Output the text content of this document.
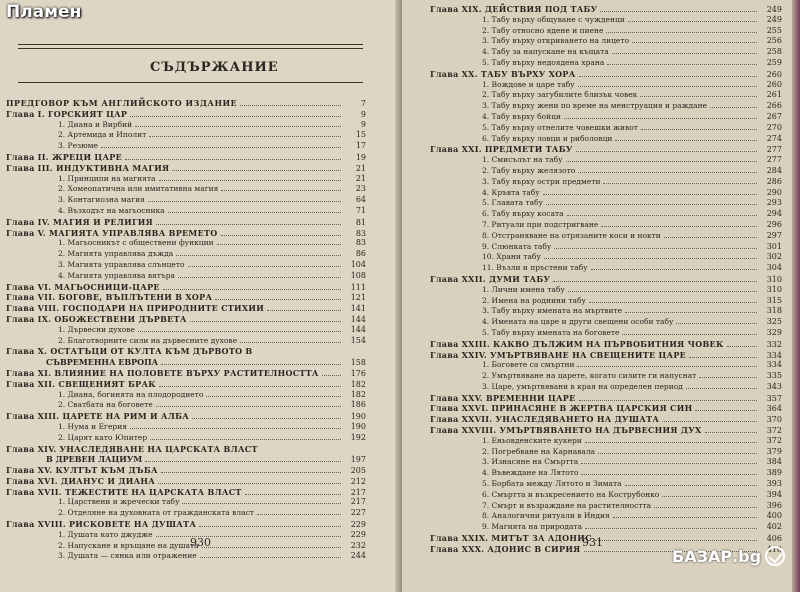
Пламен
СЪДЪРЖАНИЕ
ПРЕДГОВОР КЪМ АНГЛИЙСКОТО ИЗДАНИЕ	7
Глава I. ГОРСКИЯТ ЦАР	9
1. Диана и Вирбий	9
2. Артемида и Иполит	15
3. Резюме	17
Глава II. ЖРЕЦИ ЦАРЕ	19
Глава III. ИНДУКТИВНА МАГИЯ	21
1. Принципи на магията	21
2. Хомеопатична или имитативна магия	23
3. Контагиозна магия	64
4. Възходът на магьосника	71
Глава IV. МАГИЯ И РЕЛИГИЯ	81
Глава V. МАГИЯТА УПРАВЛЯВА ВРЕМЕТО	83
1. Магьосникът с обществени функции	83
2. Магията управлява дъжда	86
3. Магията управлява слънцето	104
4. Магията управлява вятъра	108
Глава VI. МАГЬОСНИЦИ-ЦАРЕ	111
Глава VII. БОГОВЕ, ВЪПЛЪТЕНИ В ХОРА	121
Глава VIII. ГОСПОДАРИ НА ПРИРОДНИТЕ СТИХИИ	141
Глава IX. ОБОЖЕСТВЕНИ ДЪРВЕТА	144
1. Дървесни духове	144
2. Благотворните сили на дървесните духове	154
Глава X. ОСТАТЪЦИ ОТ КУЛТА КЪМ ДЪРВОТО В
СЪВРЕМЕННА ЕВРОПА	158
Глава XI. ВЛИЯНИЕ НА ПОЛОВЕТЕ ВЪРХУ РАСТИТЕЛНОСТТА	176
Глава XII. СВЕЩЕНИЯТ БРАК	182
1. Диана, богинята на плодородието	182
2. Сватбата на боговете	186
Глава XIII. ЦАРЕТЕ НА РИМ И АЛБА	190
1. Нума и Егерия	190
2. Царят като Юпитер	192
Глава XIV. УНАСЛЕДЯВАНЕ НА ЦАРСКАТА ВЛАСТ
В ДРЕВЕН ЛАЦИУМ	197
Глава XV. КУЛТЪТ КЪМ ДЪБА	205
Глава XVI. ДИАНУС И ДИАНА	212
Глава XVII. ТЕЖЕСТИТЕ НА ЦАРСКАТА ВЛАСТ	217
1. Царствени и жречески табу	217
2. Отделяне на духовната от гражданската власт	227
Глава XVIII. РИСКОВЕТЕ НА ДУШАТА	229
1. Душата като джудже	229
2. Напускане и връщане на душата	232
3. Душата — сянка или отражение	244
930
Глава XIX. ДЕЙСТВИЯ ПОД ТАБУ	249
1. Табу върху общуване с чужденци	249
2. Табу относно ядене и пиене	255
3. Табу върху откриването на лицето	256
4. Табу за напускане на къщата	258
5. Табу върху недоядена храна	259
Глава XX. ТАБУ ВЪРХУ ХОРА	260
1. Вождове и царе табу	260
2. Табу върху загубилите близък човек	261
3. Табу върху жени по време на менструация и раждане	266
4. Табу върху бойци	267
5. Табу върху отнелите човешки живот	270
6. Табу върху ловци и риболовци	274
Глава XXI. ПРЕДМЕТИ ТАБУ	277
1. Смисълът на табу	277
2. Табу върху желязото	284
3. Табу върху остри предмети	286
4. Кръвта табу	290
5. Главата табу	293
6. Табу върху косата	294
7. Ритуали при подстригване	296
8. Отстраняване на отрязаните коси и нокти	297
9. Слюнката табу	301
10. Храни табу	302
11. Възли и пръстени табу	304
Глава XXII. ДУМИ ТАБУ	310
1. Лични имена табу	310
2. Имена на роднини табу	315
3. Табу върху имената на мъртвите	318
4. Имената на царе и други свещени особи табу	325
5. Табу върху имената на боговете	329
Глава XXIII. КАКВО ДЪЛЖИМ НА ПЪРВОБИТНИЯ ЧОВЕК	332
Глава XXIV. УМЪРТВЯВАНЕ НА СВЕЩЕНИТЕ ЦАРЕ	334
1. Боговете са смъртни	334
2. Умъртвяване на царете, когато силите ги напуснат	335
3. Царе, умъртвявани в края на определен период	343
Глава XXV. ВРЕМЕННИ ЦАРЕ	357
Глава XXVI. ПРИНАСЯНЕ В ЖЕРТВА ЦАРСКИЯ СИН	364
Глава XXVII. УНАСЛЕДЯВАНЕТО НА ДУШАТА	370
Глава XXVIII. УМЪРТВЯВАНЕТО НА ДЪРВЕСНИЯ ДУХ	372
1. Еньовденските кукери	372
2. Погребване на Карнавала	379
3. Изнасяне на Смъртта	384
4. Въвеждане на Лятото	389
5. Борбата между Лятото и Зимата	393
6. Смъртта и възкресението на Кострубонко	394
7. Смърт и възраждане на растителността	396
8. Аналогични ритуали в Индия	400
9. Магията на природата	402
Глава XXIX. МИТЪТ ЗА АДОНИС	406
Глава XXX. АДОНИС В СИРИЯ	410
931
БАЗАР.bg
